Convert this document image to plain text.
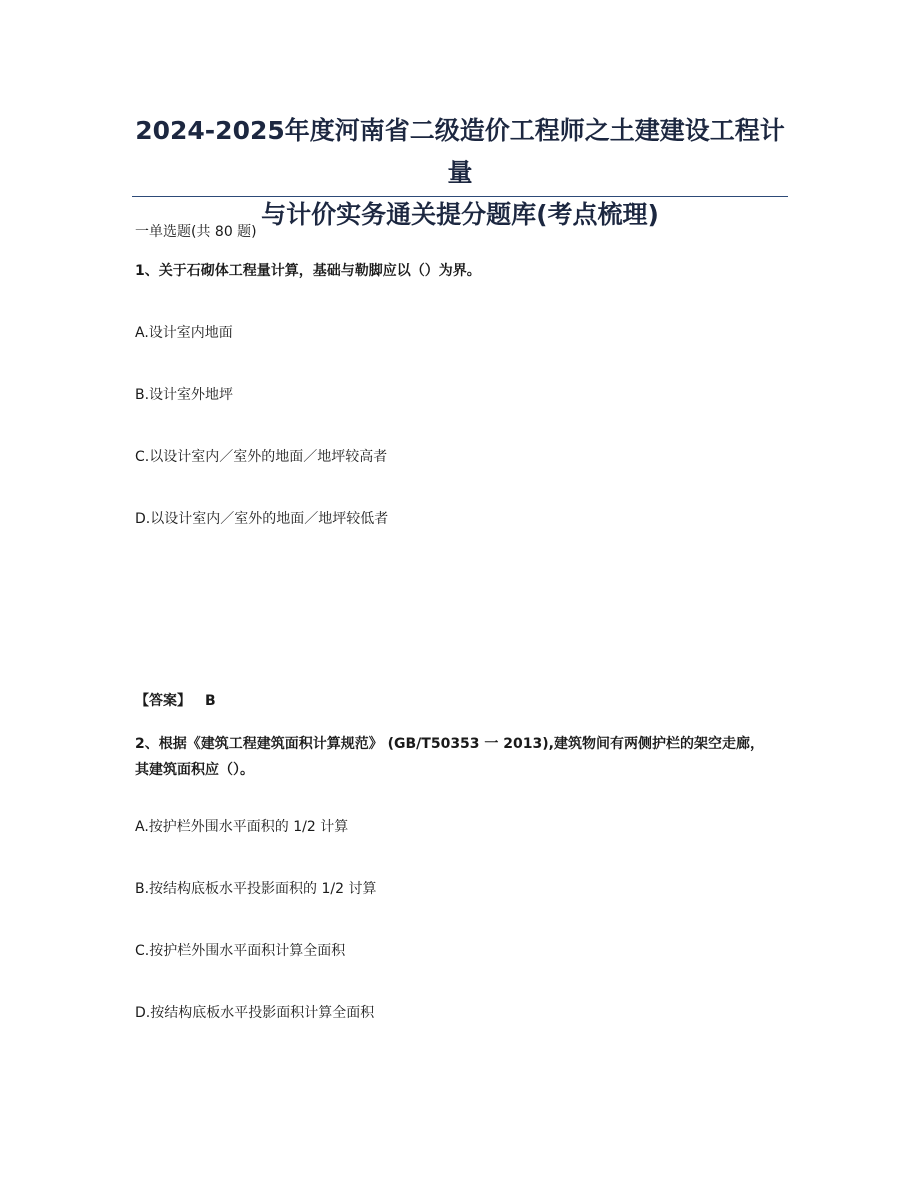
2024-2025年度河南省二级造价工程师之土建建设工程计量
与计价实务通关提分题库(考点梳理)

一单选题(共 80 题)

1、关于石砌体工程量计算，基础与勒脚应以（）为界。

A.设计室内地面

B.设计室外地坪

C.以设计室内／室外的地面／地坪较高者

D.以设计室内／室外的地面／地坪较低者

【答案】 B

2、根据《建筑工程建筑面积计算规范》 (GB/T50353 一 2013),建筑物间有两侧护栏的架空走廊，其建筑面积应（）。

A.按护栏外围水平面积的 1/2 计算

B.按结构底板水平投影面积的 1/2 讨算

C.按护栏外围水平面积计算全面积

D.按结构底板水平投影面积计算全面积
